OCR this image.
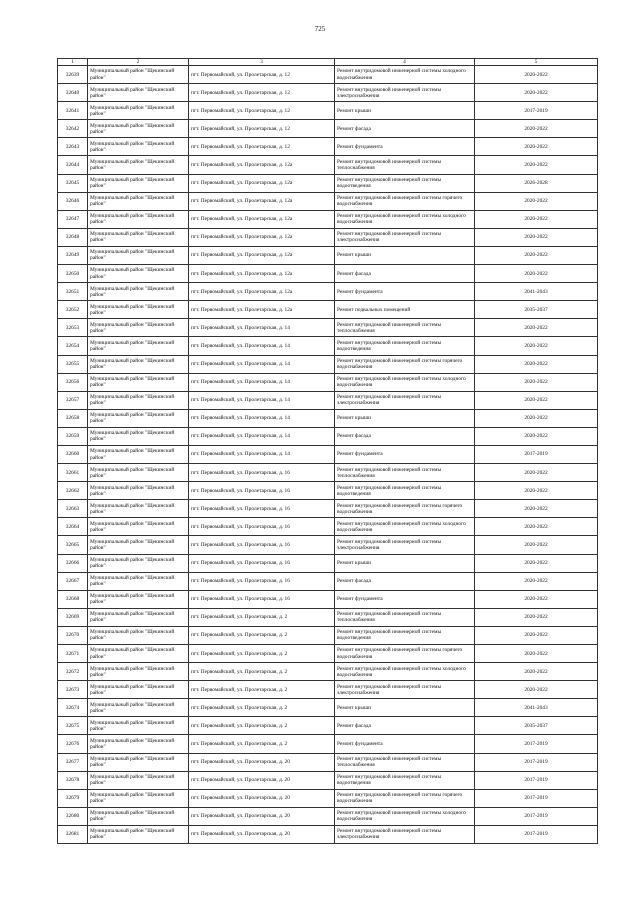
725
1	2	3	4	5
32639	Муниципальный район "Щекинский район"	пгт. Первомайский, ул. Пролетарская, д. 12	Ремонт внутридомовой инженерной системы холодного водоснабжения	2020-2022
32640	Муниципальный район "Щекинский район"	пгт. Первомайский, ул. Пролетарская, д. 12	Ремонт внутридомовой инженерной системы электроснабжения	2020-2022
32641	Муниципальный район "Щекинский район"	пгт. Первомайский, ул. Пролетарская, д. 12	Ремонт крыши	2017-2019
32642	Муниципальный район "Щекинский район"	пгт. Первомайский, ул. Пролетарская, д. 12	Ремонт фасада	2020-2022
32643	Муниципальный район "Щекинский район"	пгт. Первомайский, ул. Пролетарская, д. 12	Ремонт фундамента	2020-2022
32644	Муниципальный район "Щекинский район"	пгт. Первомайский, ул. Пролетарская, д. 12а	Ремонт внутридомовой инженерной системы теплоснабжения	2020-2022
32645	Муниципальный район "Щекинский район"	пгт. Первомайский, ул. Пролетарская, д. 12а	Ремонт внутридомовой инженерной системы водоотведения	2026-2028
32646	Муниципальный район "Щекинский район"	пгт. Первомайский, ул. Пролетарская, д. 12а	Ремонт внутридомовой инженерной системы горячего водоснабжения	2020-2022
32647	Муниципальный район "Щекинский район"	пгт. Первомайский, ул. Пролетарская, д. 12а	Ремонт внутридомовой инженерной системы холодного водоснабжения	2020-2022
32648	Муниципальный район "Щекинский район"	пгт. Первомайский, ул. Пролетарская, д. 12а	Ремонт внутридомовой инженерной системы электроснабжения	2020-2022
32649	Муниципальный район "Щекинский район"	пгт. Первомайский, ул. Пролетарская, д. 12а	Ремонт крыши	2020-2022
32650	Муниципальный район "Щекинский район"	пгт. Первомайский, ул. Пролетарская, д. 12а	Ремонт фасада	2020-2022
32651	Муниципальный район "Щекинский район"	пгт. Первомайский, ул. Пролетарская, д. 12а	Ремонт фундамента	2041-2043
32652	Муниципальный район "Щекинский район"	пгт. Первомайский, ул. Пролетарская, д. 12а	Ремонт подвальных помещений	2035-2037
32653	Муниципальный район "Щекинский район"	пгт. Первомайский, ул. Пролетарская, д. 14	Ремонт внутридомовой инженерной системы теплоснабжения	2020-2022
32654	Муниципальный район "Щекинский район"	пгт. Первомайский, ул. Пролетарская, д. 14	Ремонт внутридомовой инженерной системы водоотведения	2020-2022
32655	Муниципальный район "Щекинский район"	пгт. Первомайский, ул. Пролетарская, д. 14	Ремонт внутридомовой инженерной системы горячего водоснабжения	2020-2022
32656	Муниципальный район "Щекинский район"	пгт. Первомайский, ул. Пролетарская, д. 14	Ремонт внутридомовой инженерной системы холодного водоснабжения	2020-2022
32657	Муниципальный район "Щекинский район"	пгт. Первомайский, ул. Пролетарская, д. 14	Ремонт внутридомовой инженерной системы электроснабжения	2020-2022
32658	Муниципальный район "Щекинский район"	пгт. Первомайский, ул. Пролетарская, д. 14	Ремонт крыши	2020-2022
32659	Муниципальный район "Щекинский район"	пгт. Первомайский, ул. Пролетарская, д. 14	Ремонт фасада	2020-2022
32660	Муниципальный район "Щекинский район"	пгт. Первомайский, ул. Пролетарская, д. 14	Ремонт фундамента	2017-2019
32661	Муниципальный район "Щекинский район"	пгт. Первомайский, ул. Пролетарская, д. 16	Ремонт внутридомовой инженерной системы теплоснабжения	2020-2022
32662	Муниципальный район "Щекинский район"	пгт. Первомайский, ул. Пролетарская, д. 16	Ремонт внутридомовой инженерной системы водоотведения	2020-2022
32663	Муниципальный район "Щекинский район"	пгт. Первомайский, ул. Пролетарская, д. 16	Ремонт внутридомовой инженерной системы горячего водоснабжения	2020-2022
32664	Муниципальный район "Щекинский район"	пгт. Первомайский, ул. Пролетарская, д. 16	Ремонт внутридомовой инженерной системы холодного водоснабжения	2020-2022
32665	Муниципальный район "Щекинский район"	пгт. Первомайский, ул. Пролетарская, д. 16	Ремонт внутридомовой инженерной системы электроснабжения	2020-2022
32666	Муниципальный район "Щекинский район"	пгт. Первомайский, ул. Пролетарская, д. 16	Ремонт крыши	2020-2022
32667	Муниципальный район "Щекинский район"	пгт. Первомайский, ул. Пролетарская, д. 16	Ремонт фасада	2020-2022
32668	Муниципальный район "Щекинский район"	пгт. Первомайский, ул. Пролетарская, д. 16	Ремонт фундамента	2020-2022
32669	Муниципальный район "Щекинский район"	пгт. Первомайский, ул. Пролетарская, д. 2	Ремонт внутридомовой инженерной системы теплоснабжения	2020-2022
32670	Муниципальный район "Щекинский район"	пгт. Первомайский, ул. Пролетарская, д. 2	Ремонт внутридомовой инженерной системы водоотведения	2020-2022
32671	Муниципальный район "Щекинский район"	пгт. Первомайский, ул. Пролетарская, д. 2	Ремонт внутридомовой инженерной системы горячего водоснабжения	2020-2022
32672	Муниципальный район "Щекинский район"	пгт. Первомайский, ул. Пролетарская, д. 2	Ремонт внутридомовой инженерной системы холодного водоснабжения	2020-2022
32673	Муниципальный район "Щекинский район"	пгт. Первомайский, ул. Пролетарская, д. 2	Ремонт внутридомовой инженерной системы электроснабжения	2020-2022
32674	Муниципальный район "Щекинский район"	пгт. Первомайский, ул. Пролетарская, д. 2	Ремонт крыши	2041-2043
32675	Муниципальный район "Щекинский район"	пгт. Первомайский, ул. Пролетарская, д. 2	Ремонт фасада	2035-2037
32676	Муниципальный район "Щекинский район"	пгт. Первомайский, ул. Пролетарская, д. 2	Ремонт фундамента	2017-2019
32677	Муниципальный район "Щекинский район"	пгт. Первомайский, ул. Пролетарская, д. 20	Ремонт внутридомовой инженерной системы теплоснабжения	2017-2019
32678	Муниципальный район "Щекинский район"	пгт. Первомайский, ул. Пролетарская, д. 20	Ремонт внутридомовой инженерной системы водоотведения	2017-2019
32679	Муниципальный район "Щекинский район"	пгт. Первомайский, ул. Пролетарская, д. 20	Ремонт внутридомовой инженерной системы горячего водоснабжения	2017-2019
32680	Муниципальный район "Щекинский район"	пгт. Первомайский, ул. Пролетарская, д. 20	Ремонт внутридомовой инженерной системы холодного водоснабжения	2017-2019
32681	Муниципальный район "Щекинский район"	пгт. Первомайский, ул. Пролетарская, д. 20	Ремонт внутридомовой инженерной системы электроснабжения	2017-2019
